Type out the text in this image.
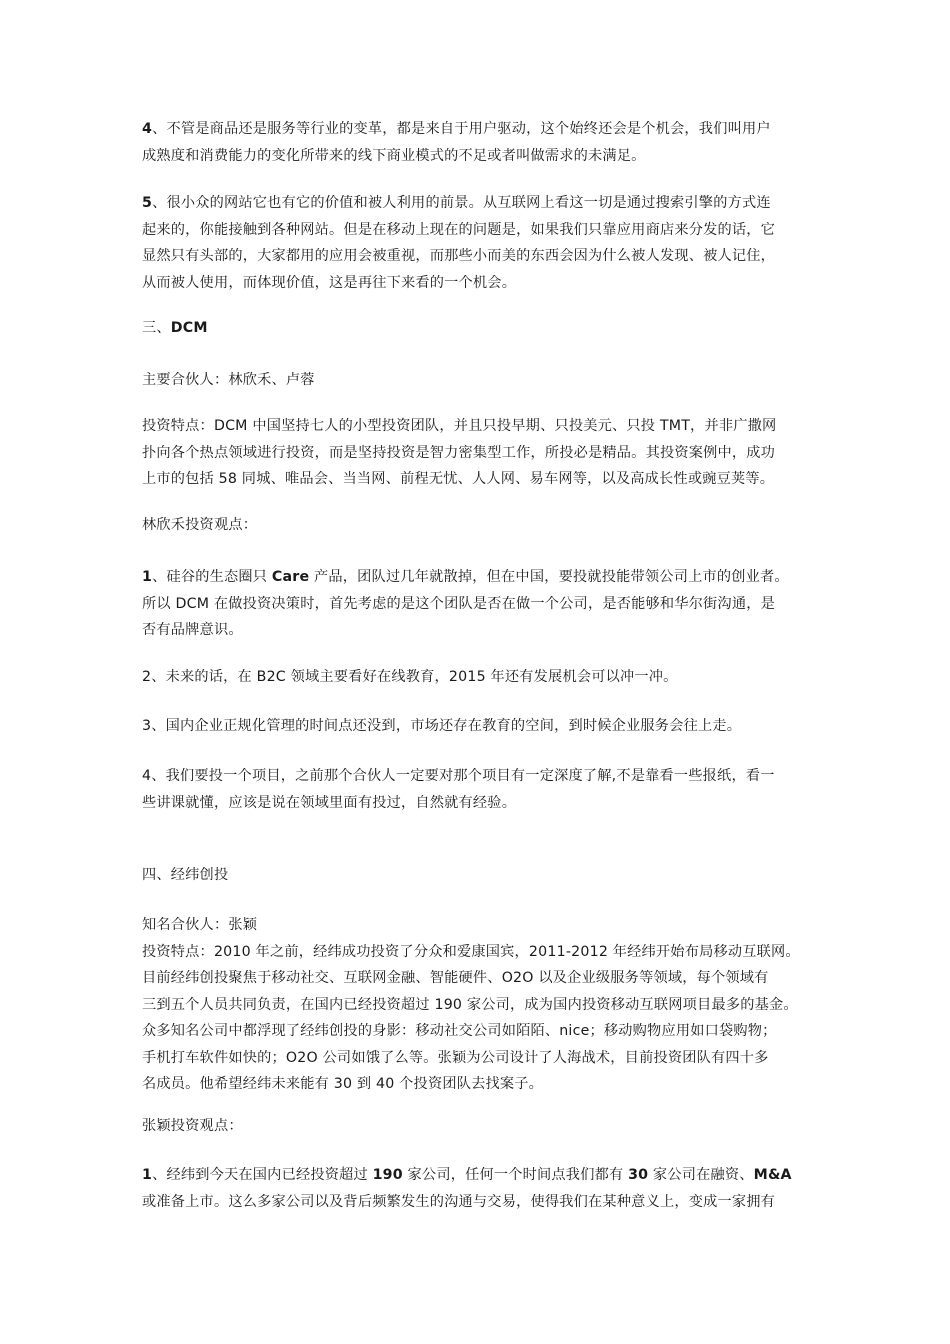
4、不管是商品还是服务等行业的变革，都是来自于用户驱动，这个始终还会是个机会，我们叫用户
成熟度和消费能力的变化所带来的线下商业模式的不足或者叫做需求的未满足。
5、很小众的网站它也有它的价值和被人利用的前景。从互联网上看这一切是通过搜索引擎的方式连
起来的，你能接触到各种网站。但是在移动上现在的问题是，如果我们只靠应用商店来分发的话，它
显然只有头部的，大家都用的应用会被重视，而那些小而美的东西会因为什么被人发现、被人记住，
从而被人使用，而体现价值，这是再往下来看的一个机会。
三、DCM
主要合伙人：林欣禾、卢蓉
投资特点：DCM 中国坚持七人的小型投资团队，并且只投早期、只投美元、只投 TMT，并非广撒网
扑向各个热点领域进行投资，而是坚持投资是智力密集型工作，所投必是精品。其投资案例中，成功
上市的包括 58 同城、唯品会、当当网、前程无忧、人人网、易车网等，以及高成长性或豌豆荚等。
林欣禾投资观点：
1、硅谷的生态圈只 Care 产品，团队过几年就散掉，但在中国，要投就投能带领公司上市的创业者。
所以 DCM 在做投资决策时，首先考虑的是这个团队是否在做一个公司，是否能够和华尔街沟通，是
否有品牌意识。
2、未来的话，在 B2C 领域主要看好在线教育，2015 年还有发展机会可以冲一冲。
3、国内企业正规化管理的时间点还没到，市场还存在教育的空间，到时候企业服务会往上走。
4、我们要投一个项目，之前那个合伙人一定要对那个项目有一定深度了解,不是靠看一些报纸，看一
些讲课就懂，应该是说在领域里面有投过，自然就有经验。
四、经纬创投
知名合伙人：张颖
投资特点：2010 年之前，经纬成功投资了分众和爱康国宾，2011-2012 年经纬开始布局移动互联网。
目前经纬创投聚焦于移动社交、互联网金融、智能硬件、O2O 以及企业级服务等领域，每个领域有
三到五个人员共同负责，在国内已经投资超过 190 家公司，成为国内投资移动互联网项目最多的基金。
众多知名公司中都浮现了经纬创投的身影：移动社交公司如陌陌、nice；移动购物应用如口袋购物；
手机打车软件如快的；O2O 公司如饿了么等。张颖为公司设计了人海战术，目前投资团队有四十多
名成员。他希望经纬未来能有 30 到 40 个投资团队去找案子。
张颖投资观点：
1、经纬到今天在国内已经投资超过 190 家公司，任何一个时间点我们都有 30 家公司在融资、M&A
或准备上市。这么多家公司以及背后频繁发生的沟通与交易，使得我们在某种意义上，变成一家拥有
